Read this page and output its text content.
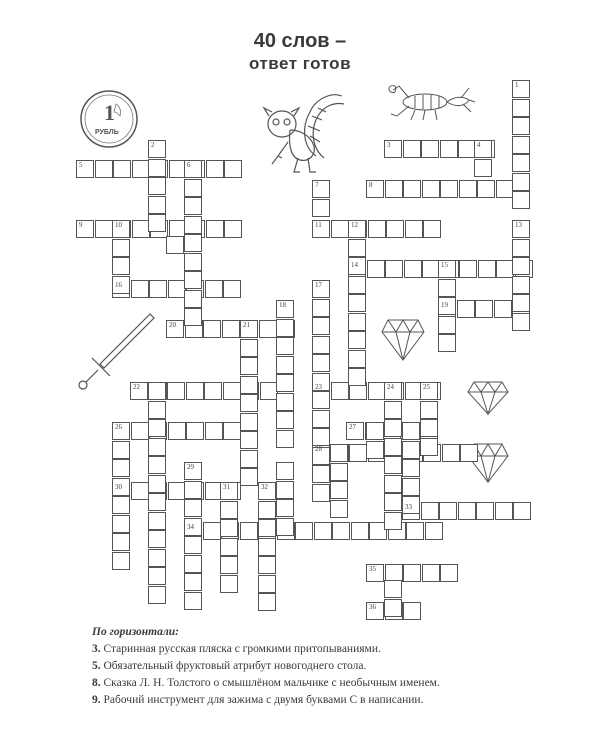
40 слов –
ответ готов
1
РУБЛЬ
1
2	3	4
5	6
7	8
9	10	11	12	13
14	15
16	17
18	19
20	21
22	23	24	25
26	27
28
29
30	31	32
33
34
35
36
По горизонтали:
3. Старинная русская пляска с громкими притопываниями.
5. Обязательный фруктовый атрибут новогоднего стола.
8. Сказка Л. Н. Толстого о смышлёном мальчике с необычным именем.
9. Рабочий инструмент для зажима с двумя буквами С в написании.
